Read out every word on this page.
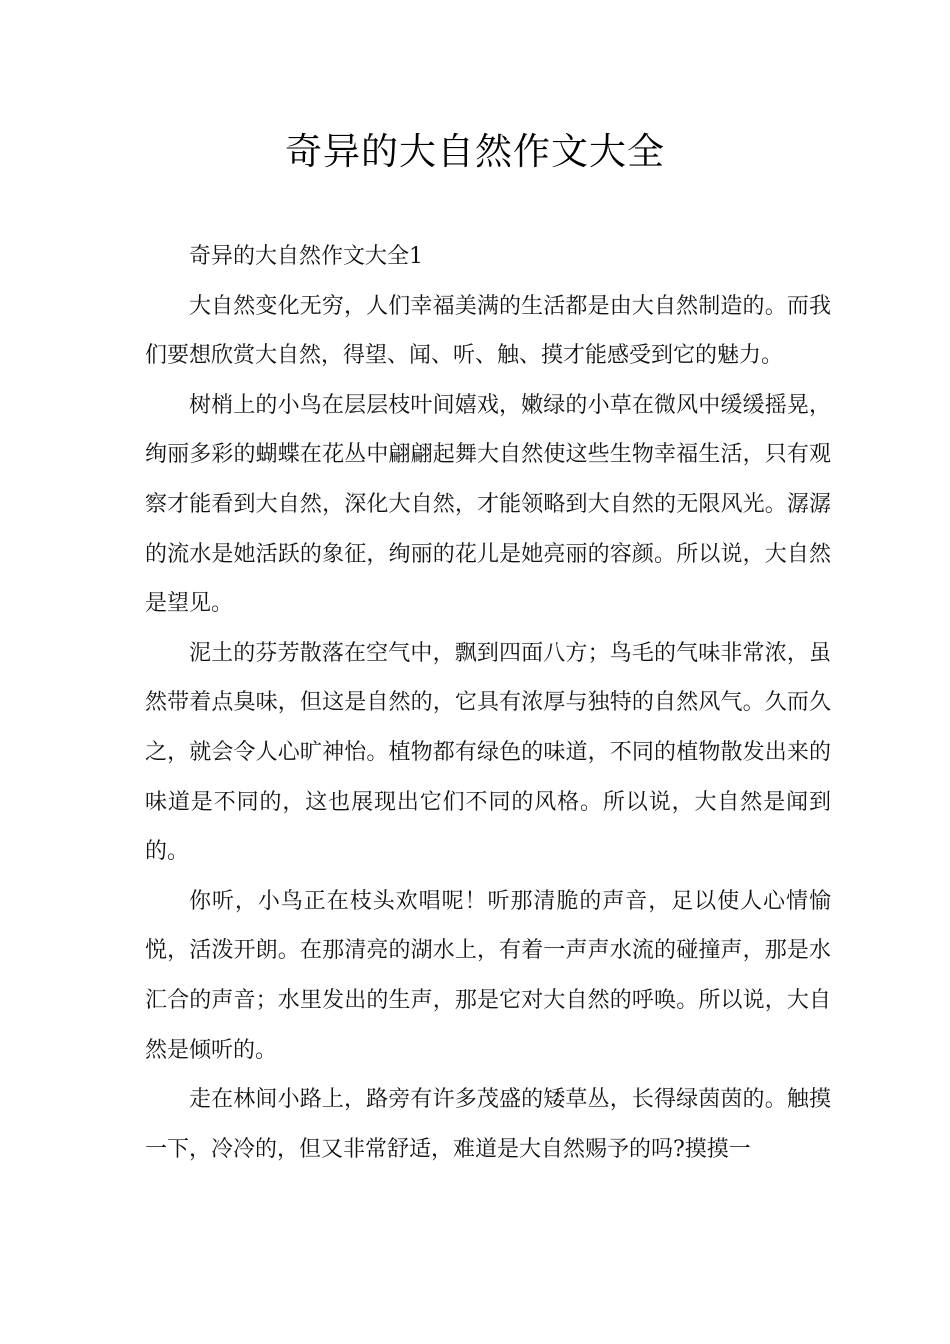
奇异的大自然作文大全

奇异的大自然作文大全1

大自然变化无穷，人们幸福美满的生活都是由大自然制造的。而我们要想欣赏大自然，得望、闻、听、触、摸才能感受到它的魅力。

树梢上的小鸟在层层枝叶间嬉戏，嫩绿的小草在微风中缓缓摇晃，绚丽多彩的蝴蝶在花丛中翩翩起舞大自然使这些生物幸福生活，只有观察才能看到大自然，深化大自然，才能领略到大自然的无限风光。潺潺的流水是她活跃的象征，绚丽的花儿是她亮丽的容颜。所以说，大自然是望见。

泥土的芬芳散落在空气中，飘到四面八方；鸟毛的气味非常浓，虽然带着点臭味，但这是自然的，它具有浓厚与独特的自然风气。久而久之，就会令人心旷神怡。植物都有绿色的味道，不同的植物散发出来的味道是不同的，这也展现出它们不同的风格。所以说，大自然是闻到的。

你听，小鸟正在枝头欢唱呢！听那清脆的声音，足以使人心情愉悦，活泼开朗。在那清亮的湖水上，有着一声声水流的碰撞声，那是水汇合的声音；水里发出的生声，那是它对大自然的呼唤。所以说，大自然是倾听的。

走在林间小路上，路旁有许多茂盛的矮草丛，长得绿茵茵的。触摸一下，冷冷的，但又非常舒适，难道是大自然赐予的吗?摸摸一
